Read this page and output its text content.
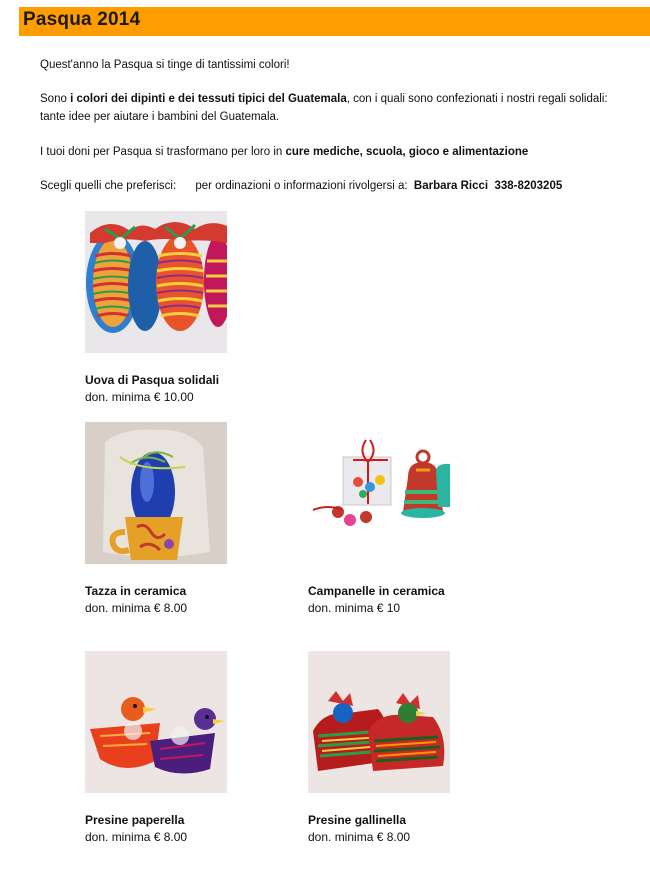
Pasqua 2014
Quest'anno la Pasqua si tinge di tantissimi colori!
Sono i colori dei dipinti e dei tessuti tipici del Guatemala, con i quali sono confezionati i nostri regali solidali: tante idee per aiutare i bambini del Guatemala.
I tuoi doni per Pasqua si trasformano per loro in cure mediche, scuola, gioco e alimentazione
Scegli quelli che preferisci:      per ordinazioni o informazioni rivolgersi a:  Barbara Ricci  338-8203205
Uova di Pasqua solidali
don. minima € 10.00
Tazza in ceramica
don. minima € 8.00
Campanelle in ceramica
don. minima € 10
Presine paperella
don. minima € 8.00
Presine gallinella
don. minima € 8.00
